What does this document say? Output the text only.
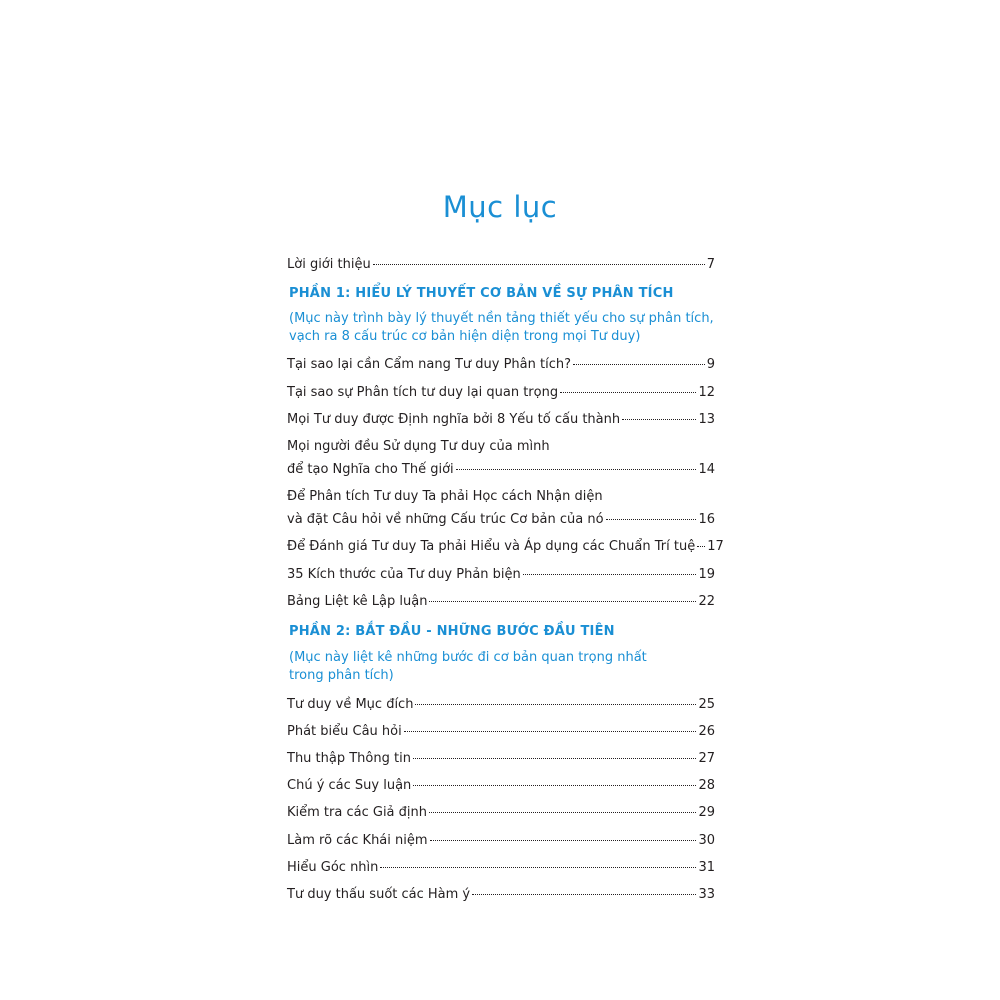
Mục lục
Lời giới thiệu	7
PHẦN 1: HIỂU LÝ THUYẾT CƠ BẢN VỀ SỰ PHÂN TÍCH
(Mục này trình bày lý thuyết nền tảng thiết yếu cho sự phân tích,
vạch ra 8 cấu trúc cơ bản hiện diện trong mọi Tư duy)
Tại sao lại cần Cẩm nang Tư duy Phân tích?	9
Tại sao sự Phân tích tư duy lại quan trọng	12
Mọi Tư duy được Định nghĩa bởi 8 Yếu tố cấu thành	13
Mọi người đều Sử dụng Tư duy của mình
để tạo Nghĩa cho Thế giới	14
Để Phân tích Tư duy Ta phải Học cách Nhận diện
và đặt Câu hỏi về những Cấu trúc Cơ bản của nó	16
Để Đánh giá Tư duy Ta phải Hiểu và Áp dụng các Chuẩn Trí tuệ 17
35 Kích thước của Tư duy Phản biện	19
Bảng Liệt kê Lập luận	22
PHẦN 2: BẮT ĐẦU - NHỮNG BƯỚC ĐẦU TIÊN
(Mục này liệt kê những bước đi cơ bản quan trọng nhất
trong phân tích)
Tư duy về Mục đích	25
Phát biểu Câu hỏi	26
Thu thập Thông tin	27
Chú ý các Suy luận	28
Kiểm tra các Giả định	29
Làm rõ các Khái niệm	30
Hiểu Góc nhìn	31
Tư duy thấu suốt các Hàm ý	33
